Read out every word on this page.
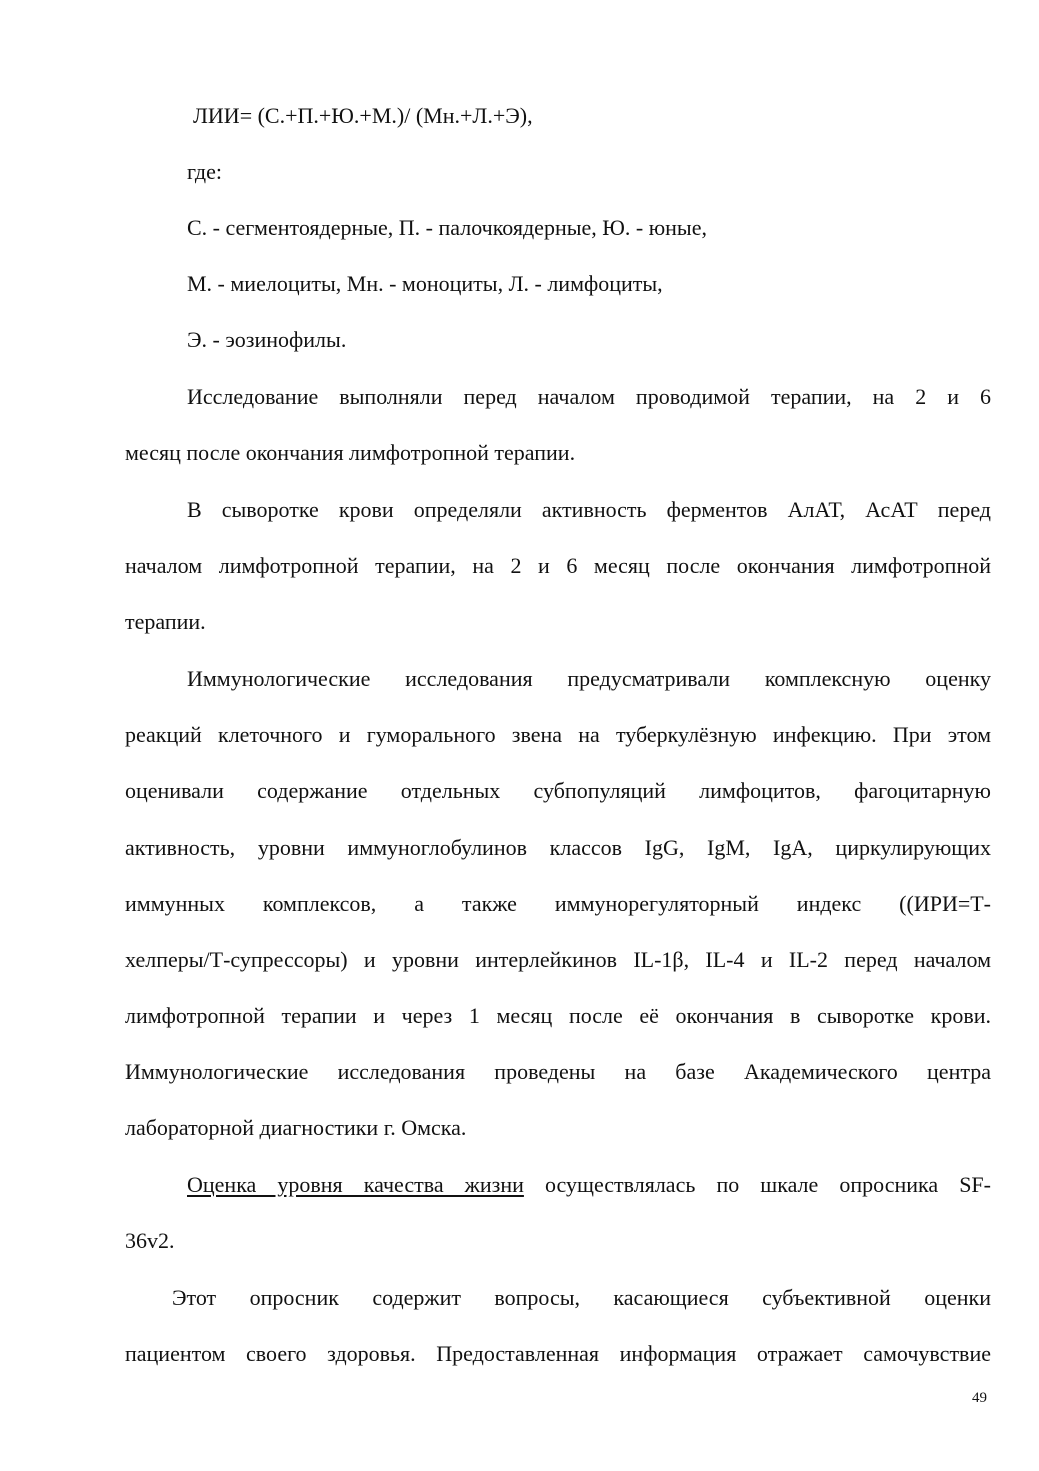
ЛИИ= (С.+П.+Ю.+М.)/ (Мн.+Л.+Э),
где:
С. - сегментоядерные, П. - палочкоядерные, Ю. - юные,
М. - миелоциты, Мн. - моноциты, Л. - лимфоциты,
Э. - эозинофилы.
Исследование выполняли перед началом проводимой терапии, на 2 и 6
месяц после окончания лимфотропной терапии.
В сыворотке крови определяли активность ферментов АлАТ, АсАТ перед
началом лимфотропной терапии, на 2 и 6 месяц после окончания лимфотропной
терапии.
Иммунологические исследования предусматривали комплексную оценку
реакций клеточного и гуморального звена на туберкулёзную инфекцию. При этом
оценивали содержание отдельных субпопуляций лимфоцитов, фагоцитарную
активность, уровни иммуноглобулинов классов IgG, IgM, IgA, циркулирующих
иммунных комплексов, а также иммунорегуляторный индекс ((ИРИ=Т-
хелперы/Т-супрессоры) и уровни интерлейкинов IL-1β, IL-4 и IL-2 перед началом
лимфотропной терапии и через 1 месяц после её окончания в сыворотке крови.
Иммунологические исследования проведены на базе Академического центра
лабораторной диагностики г. Омска.
Оценка уровня качества жизни осуществлялась по шкале опросника SF-
36v2.
Этот опросник содержит вопросы, касающиеся субъективной оценки
пациентом своего здоровья. Предоставленная информация отражает самочувствие
49
